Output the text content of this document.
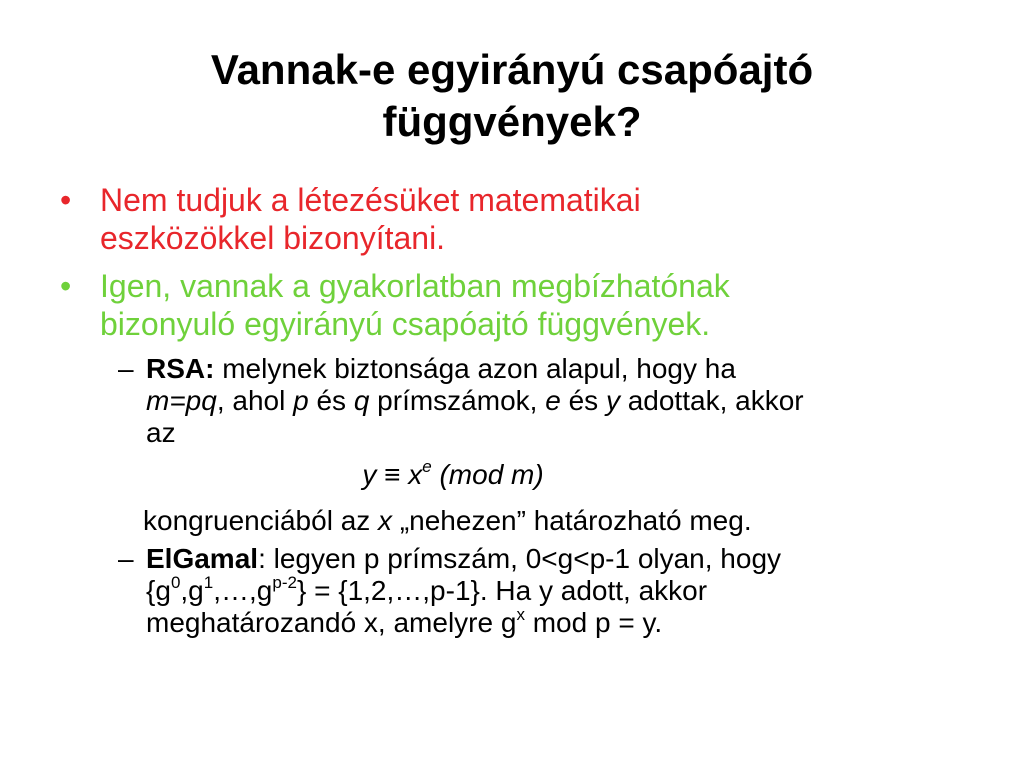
Vannak-e egyirányú csapóajtó
függvények?
• Nem tudjuk a létezésüket matematikai
eszközökkel bizonyítani.
• Igen, vannak a gyakorlatban megbízhatónak
bizonyuló egyirányú csapóajtó függvények.
– RSA: melynek biztonsága azon alapul, hogy ha
m=pq, ahol p és q prímszámok, e és y adottak, akkor
az
$y \equiv x^e$ (mod m)
kongruenciából az x „nehezen” határozható meg.
– ElGamal: legyen p prímszám, 0<g<p-1 olyan, hogy
$\{g^0,g^1,\dots,g^{p-2}\}$ = {1,2,…,p-1}. Ha y adott, akkor
meghatározandó x, amelyre $g^x$ mod p = y.
